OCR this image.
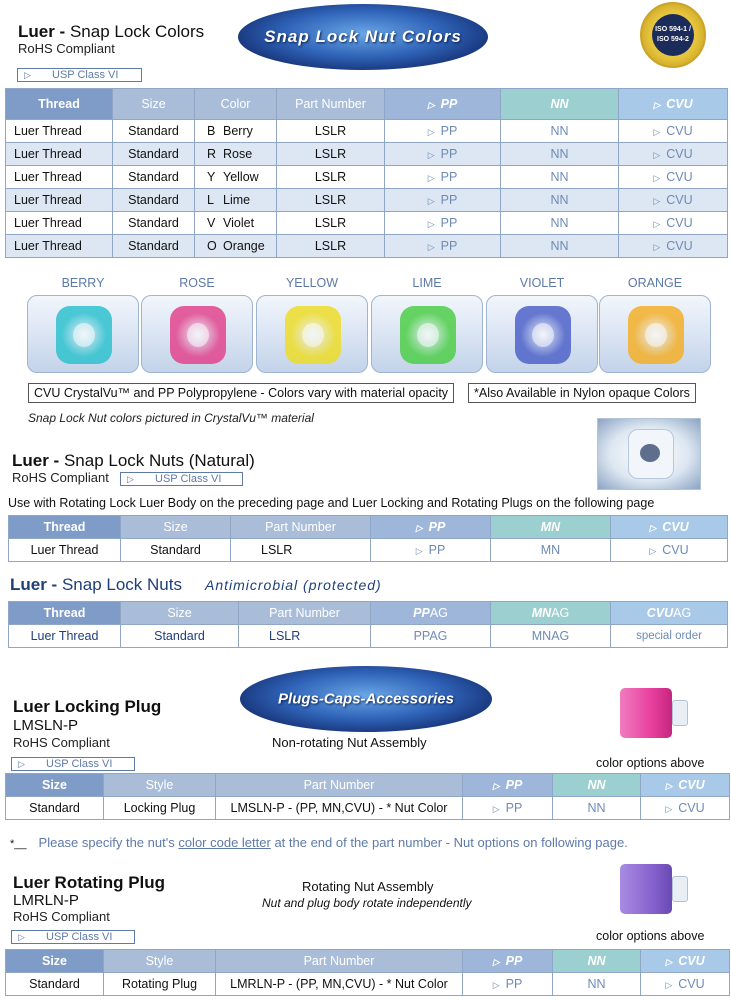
Luer - Snap Lock Colors
RoHS Compliant
▷ USP Class VI
Snap Lock Nut Colors	ISO 594-1 / ISO 594-2
Thread	Size	Color	Part Number	▷ PP	NN	▷ CVU
Luer Thread	Standard	B Berry	LSLR	▷ PP	NN	▷ CVU
Luer Thread	Standard	R Rose	LSLR	▷ PP	NN	▷ CVU
Luer Thread	Standard	Y Yellow	LSLR	▷ PP	NN	▷ CVU
Luer Thread	Standard	L Lime	LSLR	▷ PP	NN	▷ CVU
Luer Thread	Standard	V Violet	LSLR	▷ PP	NN	▷ CVU
Luer Thread	Standard	O Orange	LSLR	▷ PP	NN	▷ CVU
BERRY	ROSE	YELLOW	LIME	VIOLET	ORANGE
CVU CrystalVu™ and PP Polypropylene - Colors vary with material opacity	*Also Available in Nylon opaque Colors
Snap Lock Nut colors pictured in CrystalVu™ material
Luer - Snap Lock Nuts (Natural)
RoHS Compliant ▷ USP Class VI
Use with Rotating Lock Luer Body on the preceding page and Luer Locking and Rotating Plugs on the following page
Thread	Size	Part Number	▷ PP	MN	▷ CVU
Luer Thread	Standard	LSLR	▷ PP	MN	▷ CVU
Luer - Snap Lock Nuts Antimicrobial (protected)
Thread	Size	Part Number	PPAG	MNAG	CVUAG
Luer Thread	Standard	LSLR	PPAG	MNAG	special order
Plugs-Caps-Accessories
Luer Locking Plug
LMSLN-P
RoHS Compliant
▷ USP Class VI
Non-rotating Nut Assembly
color options above
Size	Style	Part Number	▷ PP	NN	▷ CVU
Standard	Locking Plug	LMSLN-P - (PP, MN,CVU) - * Nut Color	▷ PP	NN	▷ CVU
*__ Please specify the nut's color code letter at the end of the part number - Nut options on following page.
Luer Rotating Plug
LMRLN-P
RoHS Compliant
▷ USP Class VI
Rotating Nut Assembly
Nut and plug body rotate independently
color options above
Size	Style	Part Number	▷ PP	NN	▷ CVU
Standard	Rotating Plug	LMRLN-P - (PP, MN,CVU) - * Nut Color	▷ PP	NN	▷ CVU
